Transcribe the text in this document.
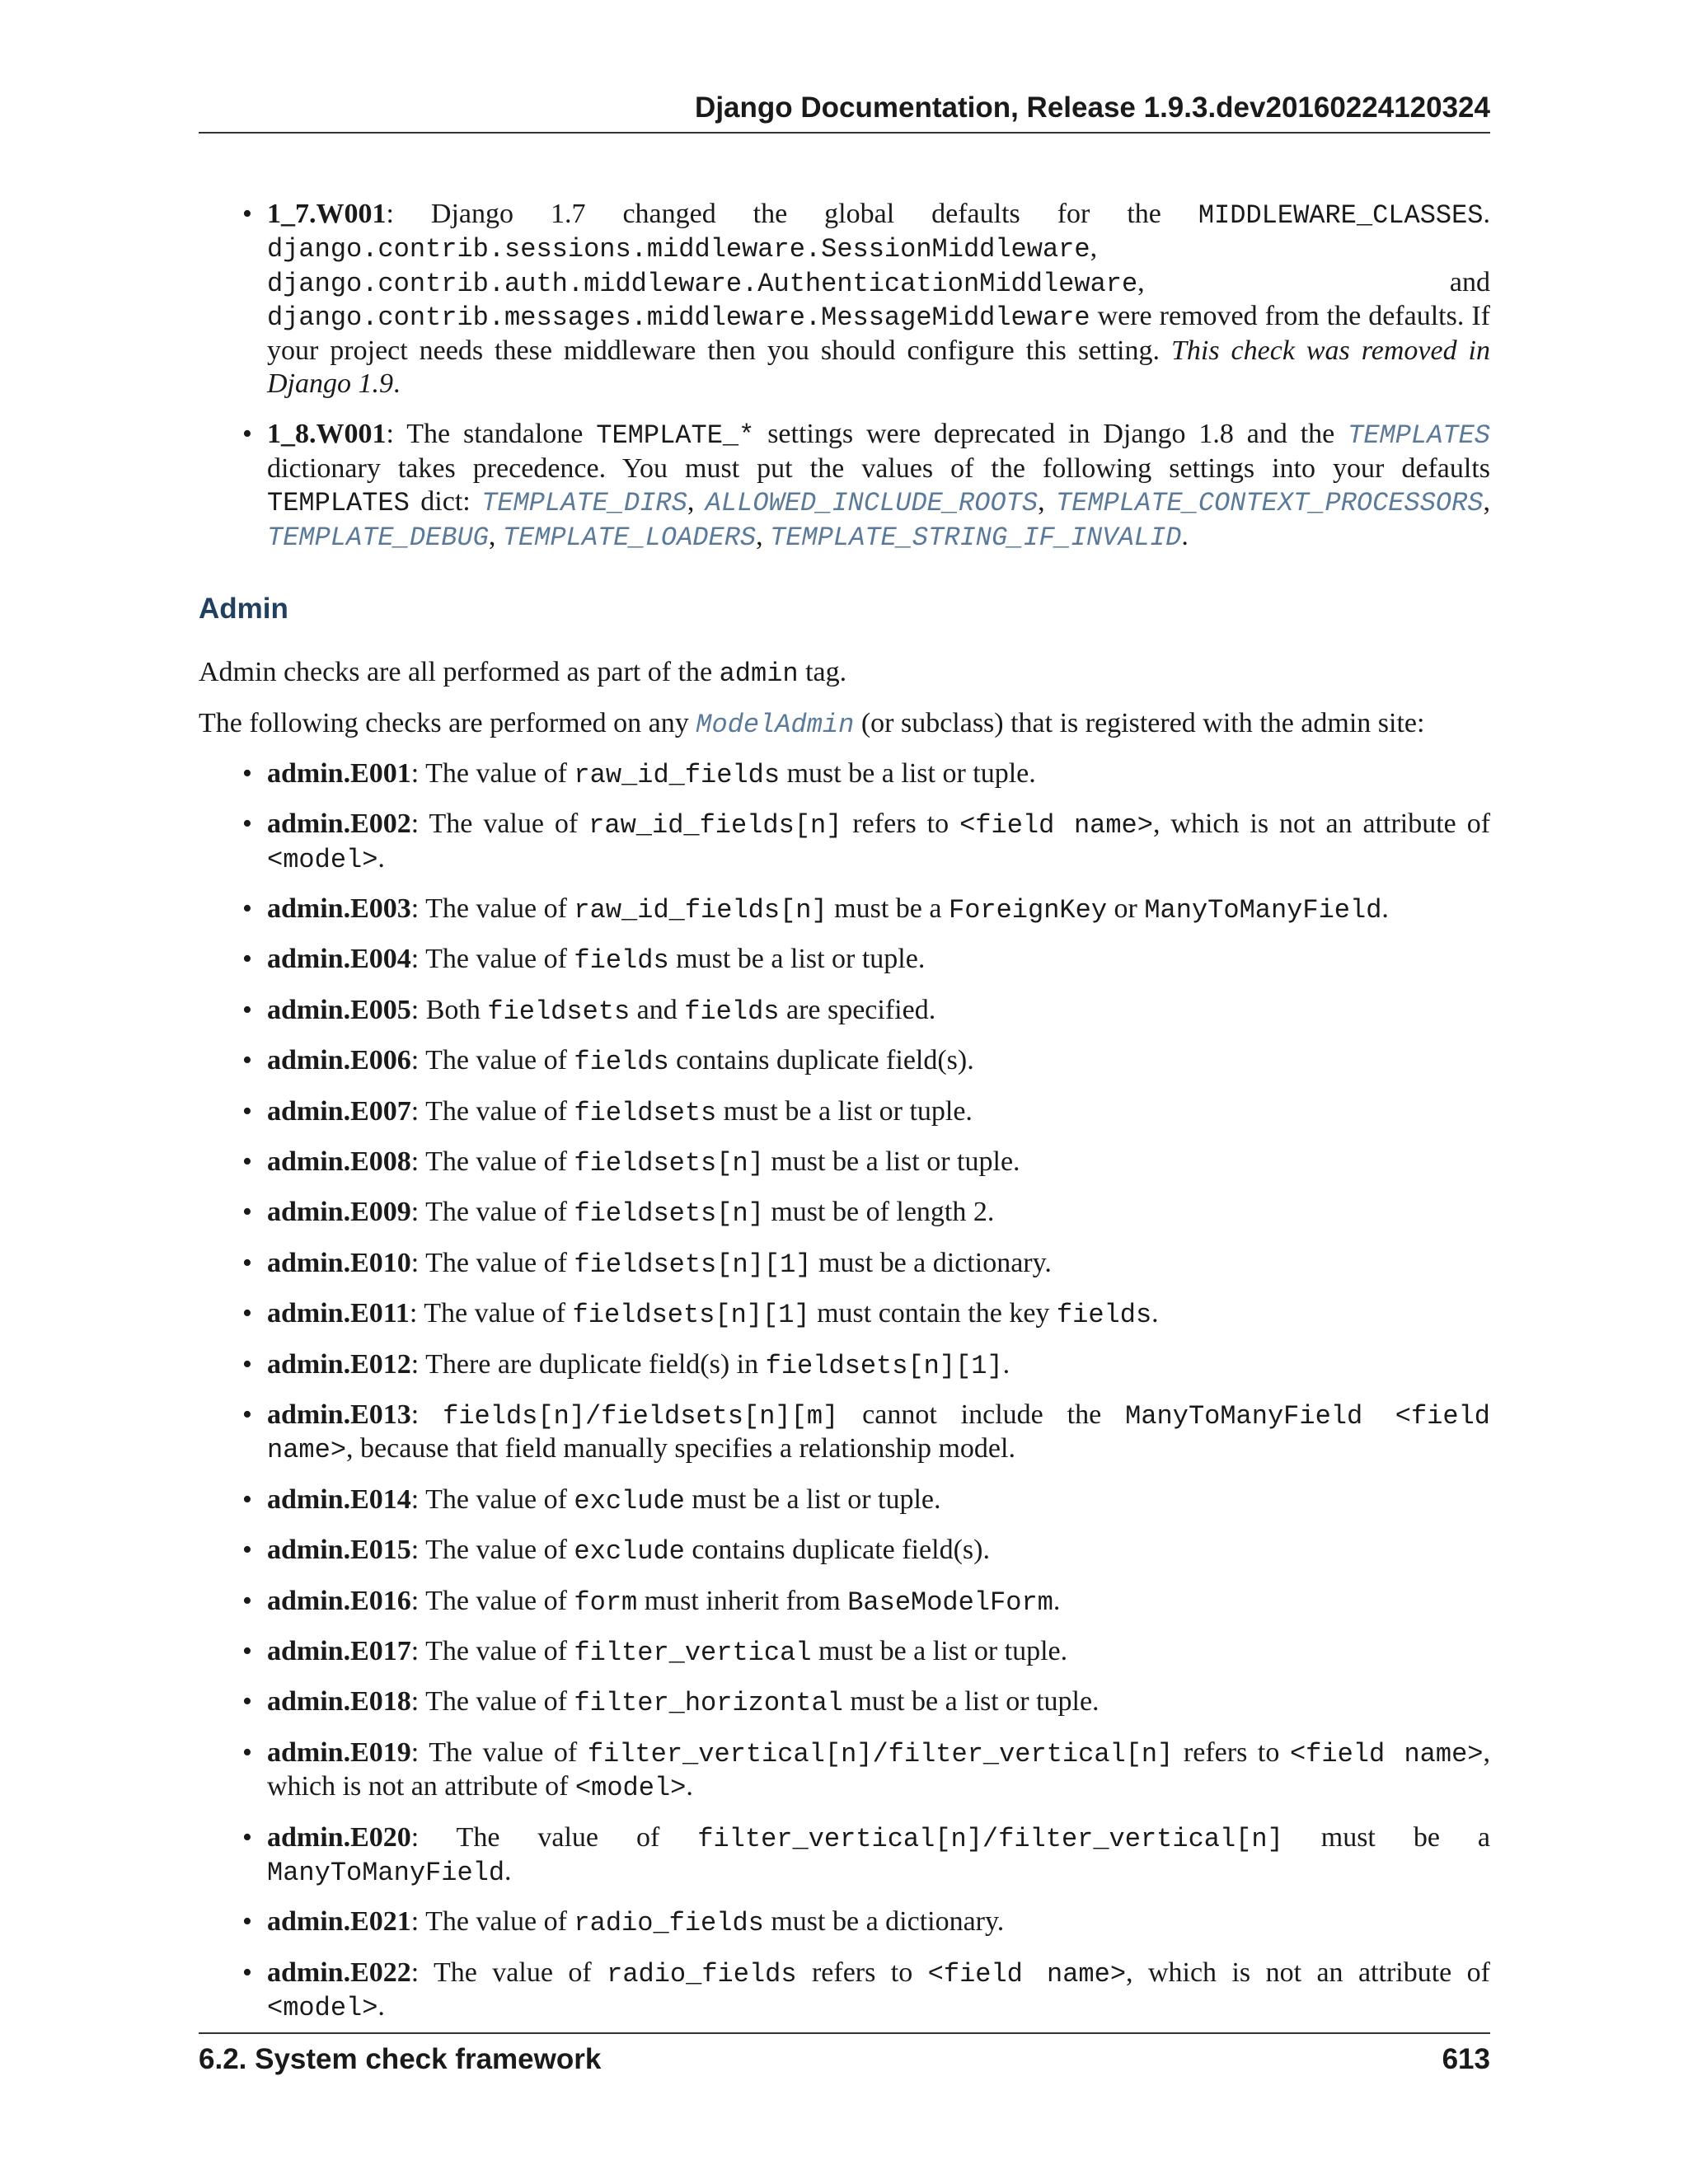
Django Documentation, Release 1.9.3.dev20160224120324
• 1_7.W001: Django 1.7 changed the global defaults for the MIDDLEWARE_CLASSES. django.contrib.sessions.middleware.SessionMiddleware, django.contrib.auth.middleware.AuthenticationMiddleware, and django.contrib.messages.middleware.MessageMiddleware were removed from the defaults. If your project needs these middleware then you should configure this setting. This check was removed in Django 1.9.
• 1_8.W001: The standalone TEMPLATE_* settings were deprecated in Django 1.8 and the TEMPLATES dictionary takes precedence. You must put the values of the following settings into your defaults TEMPLATES dict: TEMPLATE_DIRS, ALLOWED_INCLUDE_ROOTS, TEMPLATE_CONTEXT_PROCESSORS, TEMPLATE_DEBUG, TEMPLATE_LOADERS, TEMPLATE_STRING_IF_INVALID.
Admin

Admin checks are all performed as part of the admin tag.

The following checks are performed on any ModelAdmin (or subclass) that is registered with the admin site:

• admin.E001: The value of raw_id_fields must be a list or tuple.
• admin.E002: The value of raw_id_fields[n] refers to <field name>, which is not an attribute of <model>.
• admin.E003: The value of raw_id_fields[n] must be a ForeignKey or ManyToManyField.
• admin.E004: The value of fields must be a list or tuple.
• admin.E005: Both fieldsets and fields are specified.
• admin.E006: The value of fields contains duplicate field(s).
• admin.E007: The value of fieldsets must be a list or tuple.
• admin.E008: The value of fieldsets[n] must be a list or tuple.
• admin.E009: The value of fieldsets[n] must be of length 2.
• admin.E010: The value of fieldsets[n][1] must be a dictionary.
• admin.E011: The value of fieldsets[n][1] must contain the key fields.
• admin.E012: There are duplicate field(s) in fieldsets[n][1].
• admin.E013: fields[n]/fieldsets[n][m] cannot include the ManyToManyField <field name>, because that field manually specifies a relationship model.
• admin.E014: The value of exclude must be a list or tuple.
• admin.E015: The value of exclude contains duplicate field(s).
• admin.E016: The value of form must inherit from BaseModelForm.
• admin.E017: The value of filter_vertical must be a list or tuple.
• admin.E018: The value of filter_horizontal must be a list or tuple.
• admin.E019: The value of filter_vertical[n]/filter_vertical[n] refers to <field name>, which is not an attribute of <model>.
• admin.E020: The value of filter_vertical[n]/filter_vertical[n] must be a ManyToManyField.
• admin.E021: The value of radio_fields must be a dictionary.
• admin.E022: The value of radio_fields refers to <field name>, which is not an attribute of <model>.
6.2. System check framework	613
